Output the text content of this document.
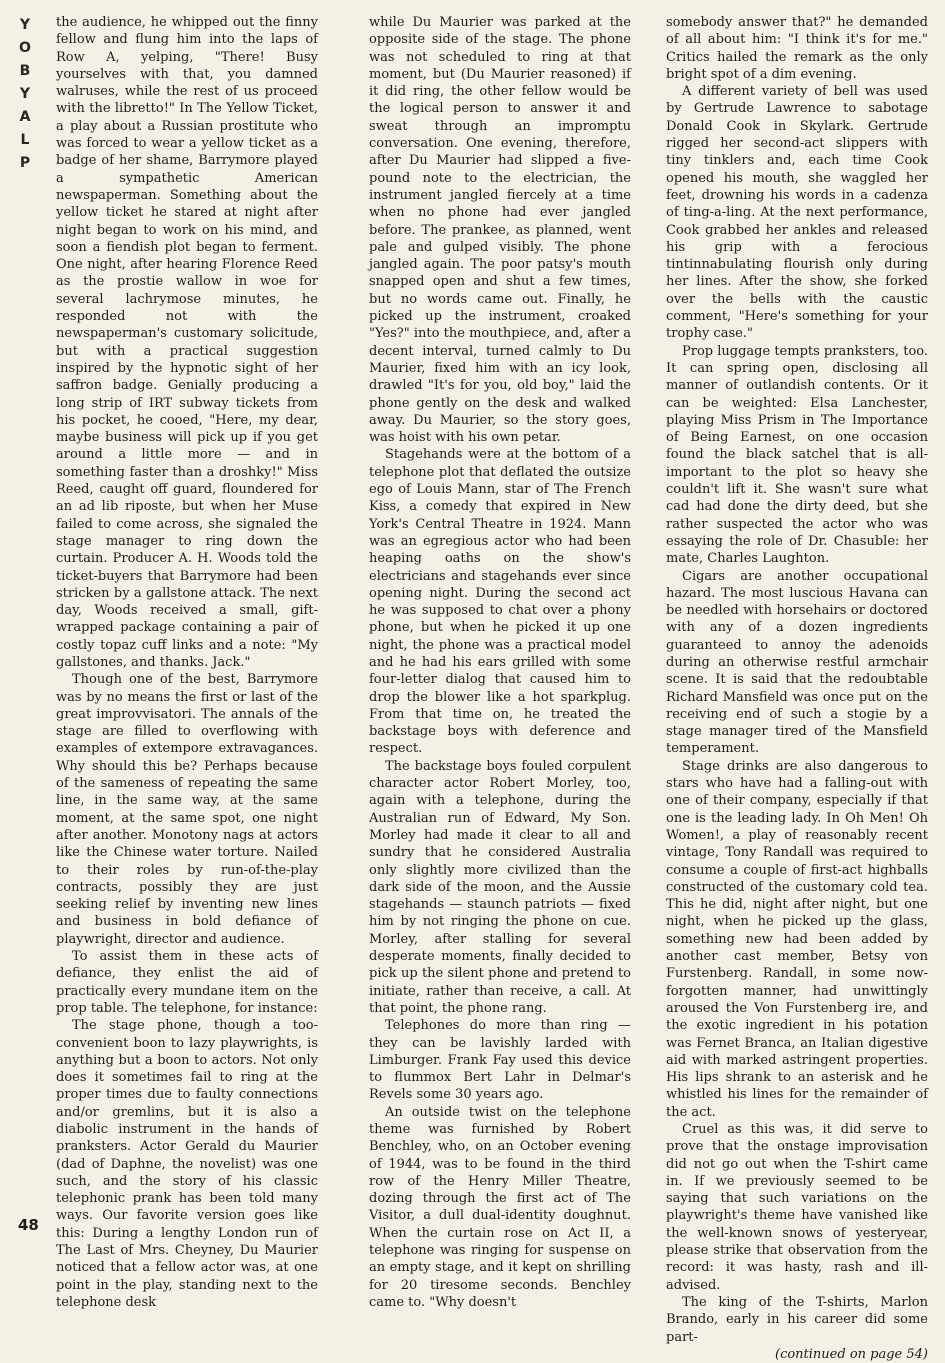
Y
O
B
Y
A
L
P
48

the audience, he whipped out the finny fellow and flung him into the laps of Row A, yelping, "There! Busy yourselves with that, you damned walruses, while the rest of us proceed with the libretto!" In The Yellow Ticket, a play about a Russian prostitute who was forced to wear a yellow ticket as a badge of her shame, Barrymore played a sympathetic American newspaperman. Something about the yellow ticket he stared at night after night began to work on his mind, and soon a fiendish plot began to ferment. One night, after hearing Florence Reed as the prostie wallow in woe for several lachrymose minutes, he responded not with the newspaperman's customary solicitude, but with a practical suggestion inspired by the hypnotic sight of her saffron badge. Genially producing a long strip of IRT subway tickets from his pocket, he cooed, "Here, my dear, maybe business will pick up if you get around a little more — and in something faster than a droshky!" Miss Reed, caught off guard, floundered for an ad lib riposte, but when her Muse failed to come across, she signaled the stage manager to ring down the curtain. Producer A. H. Woods told the ticket-buyers that Barrymore had been stricken by a gallstone attack. The next day, Woods received a small, gift-wrapped package containing a pair of costly topaz cuff links and a note: "My gallstones, and thanks. Jack."

Though one of the best, Barrymore was by no means the first or last of the great improvvisatori. The annals of the stage are filled to overflowing with examples of extempore extravagances. Why should this be? Perhaps because of the sameness of repeating the same line, in the same way, at the same moment, at the same spot, one night after another. Monotony nags at actors like the Chinese water torture. Nailed to their roles by run-of-the-play contracts, possibly they are just seeking relief by inventing new lines and business in bold defiance of playwright, director and audience.

To assist them in these acts of defiance, they enlist the aid of practically every mundane item on the prop table. The telephone, for instance:

The stage phone, though a too-convenient boon to lazy playwrights, is anything but a boon to actors. Not only does it sometimes fail to ring at the proper times due to faulty connections and/or gremlins, but it is also a diabolic instrument in the hands of pranksters. Actor Gerald du Maurier (dad of Daphne, the novelist) was one such, and the story of his classic telephonic prank has been told many ways. Our favorite version goes like this: During a lengthy London run of The Last of Mrs. Cheyney, Du Maurier noticed that a fellow actor was, at one point in the play, standing next to the telephone desk

while Du Maurier was parked at the opposite side of the stage. The phone was not scheduled to ring at that moment, but (Du Maurier reasoned) if it did ring, the other fellow would be the logical person to answer it and sweat through an impromptu conversation. One evening, therefore, after Du Maurier had slipped a five-pound note to the electrician, the instrument jangled fiercely at a time when no phone had ever jangled before. The prankee, as planned, went pale and gulped visibly. The phone jangled again. The poor patsy's mouth snapped open and shut a few times, but no words came out. Finally, he picked up the instrument, croaked "Yes?" into the mouthpiece, and, after a decent interval, turned calmly to Du Maurier, fixed him with an icy look, drawled "It's for you, old boy," laid the phone gently on the desk and walked away. Du Maurier, so the story goes, was hoist with his own petar.

Stagehands were at the bottom of a telephone plot that deflated the outsize ego of Louis Mann, star of The French Kiss, a comedy that expired in New York's Central Theatre in 1924. Mann was an egregious actor who had been heaping oaths on the show's electricians and stagehands ever since opening night. During the second act he was supposed to chat over a phony phone, but when he picked it up one night, the phone was a practical model and he had his ears grilled with some four-letter dialog that caused him to drop the blower like a hot sparkplug. From that time on, he treated the backstage boys with deference and respect.

The backstage boys fouled corpulent character actor Robert Morley, too, again with a telephone, during the Australian run of Edward, My Son. Morley had made it clear to all and sundry that he considered Australia only slightly more civilized than the dark side of the moon, and the Aussie stagehands — staunch patriots — fixed him by not ringing the phone on cue. Morley, after stalling for several desperate moments, finally decided to pick up the silent phone and pretend to initiate, rather than receive, a call. At that point, the phone rang.

Telephones do more than ring — they can be lavishly larded with Limburger. Frank Fay used this device to flummox Bert Lahr in Delmar's Revels some 30 years ago.

An outside twist on the telephone theme was furnished by Robert Benchley, who, on an October evening of 1944, was to be found in the third row of the Henry Miller Theatre, dozing through the first act of The Visitor, a dull dual-identity doughnut. When the curtain rose on Act II, a telephone was ringing for suspense on an empty stage, and it kept on shrilling for 20 tiresome seconds. Benchley came to. "Why doesn't

somebody answer that?" he demanded of all about him: "I think it's for me." Critics hailed the remark as the only bright spot of a dim evening.

A different variety of bell was used by Gertrude Lawrence to sabotage Donald Cook in Skylark. Gertrude rigged her second-act slippers with tiny tinklers and, each time Cook opened his mouth, she waggled her feet, drowning his words in a cadenza of ting-a-ling. At the next performance, Cook grabbed her ankles and released his grip with a ferocious tintinnabulating flourish only during her lines. After the show, she forked over the bells with the caustic comment, "Here's something for your trophy case."

Prop luggage tempts pranksters, too. It can spring open, disclosing all manner of outlandish contents. Or it can be weighted: Elsa Lanchester, playing Miss Prism in The Importance of Being Earnest, on one occasion found the black satchel that is all-important to the plot so heavy she couldn't lift it. She wasn't sure what cad had done the dirty deed, but she rather suspected the actor who was essaying the role of Dr. Chasuble: her mate, Charles Laughton.

Cigars are another occupational hazard. The most luscious Havana can be needled with horsehairs or doctored with any of a dozen ingredients guaranteed to annoy the adenoids during an otherwise restful armchair scene. It is said that the redoubtable Richard Mansfield was once put on the receiving end of such a stogie by a stage manager tired of the Mansfield temperament.

Stage drinks are also dangerous to stars who have had a falling-out with one of their company, especially if that one is the leading lady. In Oh Men! Oh Women!, a play of reasonably recent vintage, Tony Randall was required to consume a couple of first-act highballs constructed of the customary cold tea. This he did, night after night, but one night, when he picked up the glass, something new had been added by another cast member, Betsy von Furstenberg. Randall, in some now-forgotten manner, had unwittingly aroused the Von Furstenberg ire, and the exotic ingredient in his potation was Fernet Branca, an Italian digestive aid with marked astringent properties. His lips shrank to an asterisk and he whistled his lines for the remainder of the act.

Cruel as this was, it did serve to prove that the onstage improvisation did not go out when the T-shirt came in. If we previously seemed to be saying that such variations on the playwright's theme have vanished like the well-known snows of yesteryear, please strike that observation from the record: it was hasty, rash and ill-advised.

The king of the T-shirts, Marlon Brando, early in his career did some part-

(continued on page 54)
